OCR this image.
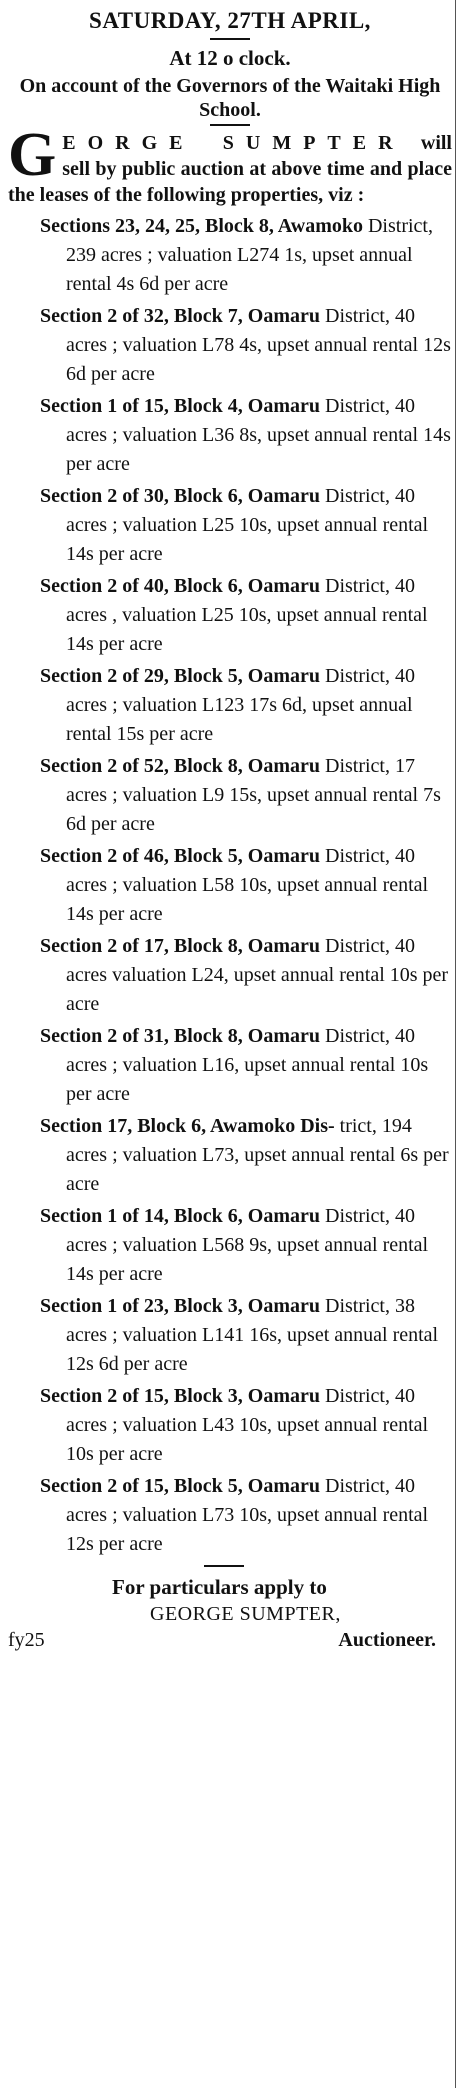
SATURDAY, 27TH APRIL,

At 12 o clock.

On account of the Governors of the Waitaki High School.

G EORGE SUMPTER will sell by public auction at above time and place the leases of the following properties, viz :

Sections 23, 24, 25, Block 8, Awamoko District, 239 acres ; valuation L274 1s, upset annual rental 4s 6d per acre

Section 2 of 32, Block 7, Oamaru District, 40 acres ; valuation L78 4s, upset annual rental 12s 6d per acre

Section 1 of 15, Block 4, Oamaru District, 40 acres ; valuation L36 8s, upset annual rental 14s per acre

Section 2 of 30, Block 6, Oamaru District, 40 acres ; valuation L25 10s, upset annual rental 14s per acre

Section 2 of 40, Block 6, Oamaru District, 40 acres , valuation L25 10s, upset annual rental 14s per acre

Section 2 of 29, Block 5, Oamaru District, 40 acres ; valuation L123 17s 6d, upset annual rental 15s per acre

Section 2 of 52, Block 8, Oamaru District, 17 acres ; valuation L9 15s, upset annual rental 7s 6d per acre

Section 2 of 46, Block 5, Oamaru District, 40 acres ; valuation L58 10s, upset annual rental 14s per acre

Section 2 of 17, Block 8, Oamaru District, 40 acres valuation L24, upset annual rental 10s per acre

Section 2 of 31, Block 8, Oamaru District, 40 acres ; valuation L16, upset annual rental 10s per acre

Section 17, Block 6, Awamoko Dis- trict, 194 acres ; valuation L73, upset annual rental 6s per acre

Section 1 of 14, Block 6, Oamaru District, 40 acres ; valuation L568 9s, upset annual rental 14s per acre

Section 1 of 23, Block 3, Oamaru District, 38 acres ; valuation L141 16s, upset annual rental 12s 6d per acre

Section 2 of 15, Block 3, Oamaru District, 40 acres ; valuation L43 10s, upset annual rental 10s per acre

Section 2 of 15, Block 5, Oamaru District, 40 acres ; valuation L73 10s, upset annual rental 12s per acre

For particulars apply to

GEORGE SUMPTER,

fy25	Auctioneer.
